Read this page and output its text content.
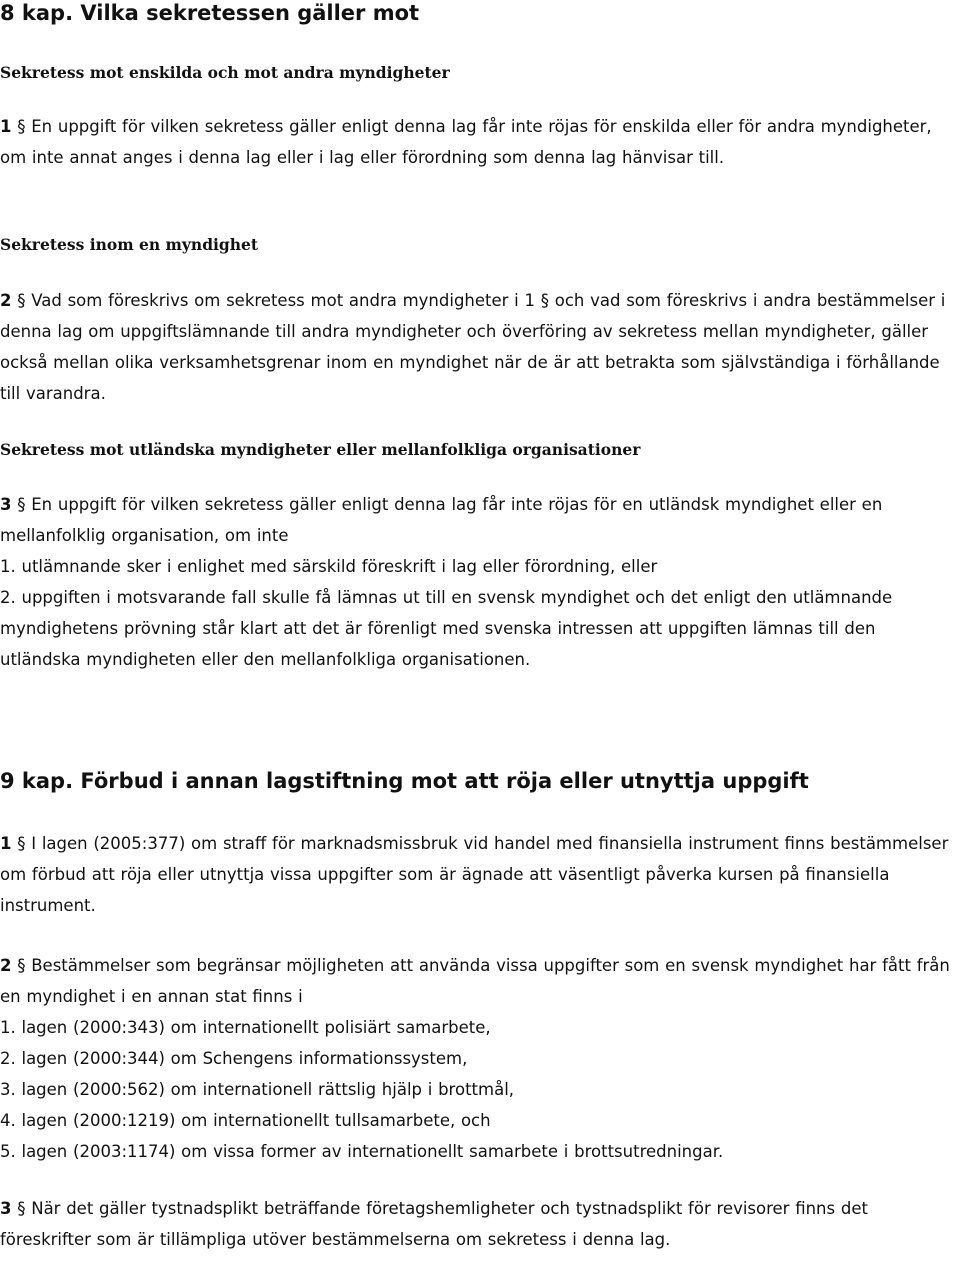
8 kap. Vilka sekretessen gäller mot
Sekretess mot enskilda och mot andra myndigheter

1 § En uppgift för vilken sekretess gäller enligt denna lag får inte röjas för enskilda eller för andra myndigheter, om inte annat anges i denna lag eller i lag eller förordning som denna lag hänvisar till.

Sekretess inom en myndighet

2 § Vad som föreskrivs om sekretess mot andra myndigheter i 1 § och vad som föreskrivs i andra bestämmelser i denna lag om uppgiftslämnande till andra myndigheter och överföring av sekretess mellan myndigheter, gäller också mellan olika verksamhetsgrenar inom en myndighet när de är att betrakta som självständiga i förhållande till varandra.

Sekretess mot utländska myndigheter eller mellanfolkliga organisationer

3 § En uppgift för vilken sekretess gäller enligt denna lag får inte röjas för en utländsk myndighet eller en mellanfolklig organisation, om inte
1. utlämnande sker i enlighet med särskild föreskrift i lag eller förordning, eller
2. uppgiften i motsvarande fall skulle få lämnas ut till en svensk myndighet och det enligt den utlämnande myndighetens prövning står klart att det är förenligt med svenska intressen att uppgiften lämnas till den utländska myndigheten eller den mellanfolkliga organisationen.

9 kap. Förbud i annan lagstiftning mot att röja eller utnyttja uppgift

1 § I lagen (2005:377) om straff för marknadsmissbruk vid handel med finansiella instrument finns bestämmelser om förbud att röja eller utnyttja vissa uppgifter som är ägnade att väsentligt påverka kursen på finansiella instrument.

2 § Bestämmelser som begränsar möjligheten att använda vissa uppgifter som en svensk myndighet har fått från en myndighet i en annan stat finns i
1. lagen (2000:343) om internationellt polisiärt samarbete,
2. lagen (2000:344) om Schengens informationssystem,
3. lagen (2000:562) om internationell rättslig hjälp i brottmål,
4. lagen (2000:1219) om internationellt tullsamarbete, och
5. lagen (2003:1174) om vissa former av internationellt samarbete i brottsutredningar.

3 § När det gäller tystnadsplikt beträffande företagshemligheter och tystnadsplikt för revisorer finns det föreskrifter som är tillämpliga utöver bestämmelserna om sekretess i denna lag.
